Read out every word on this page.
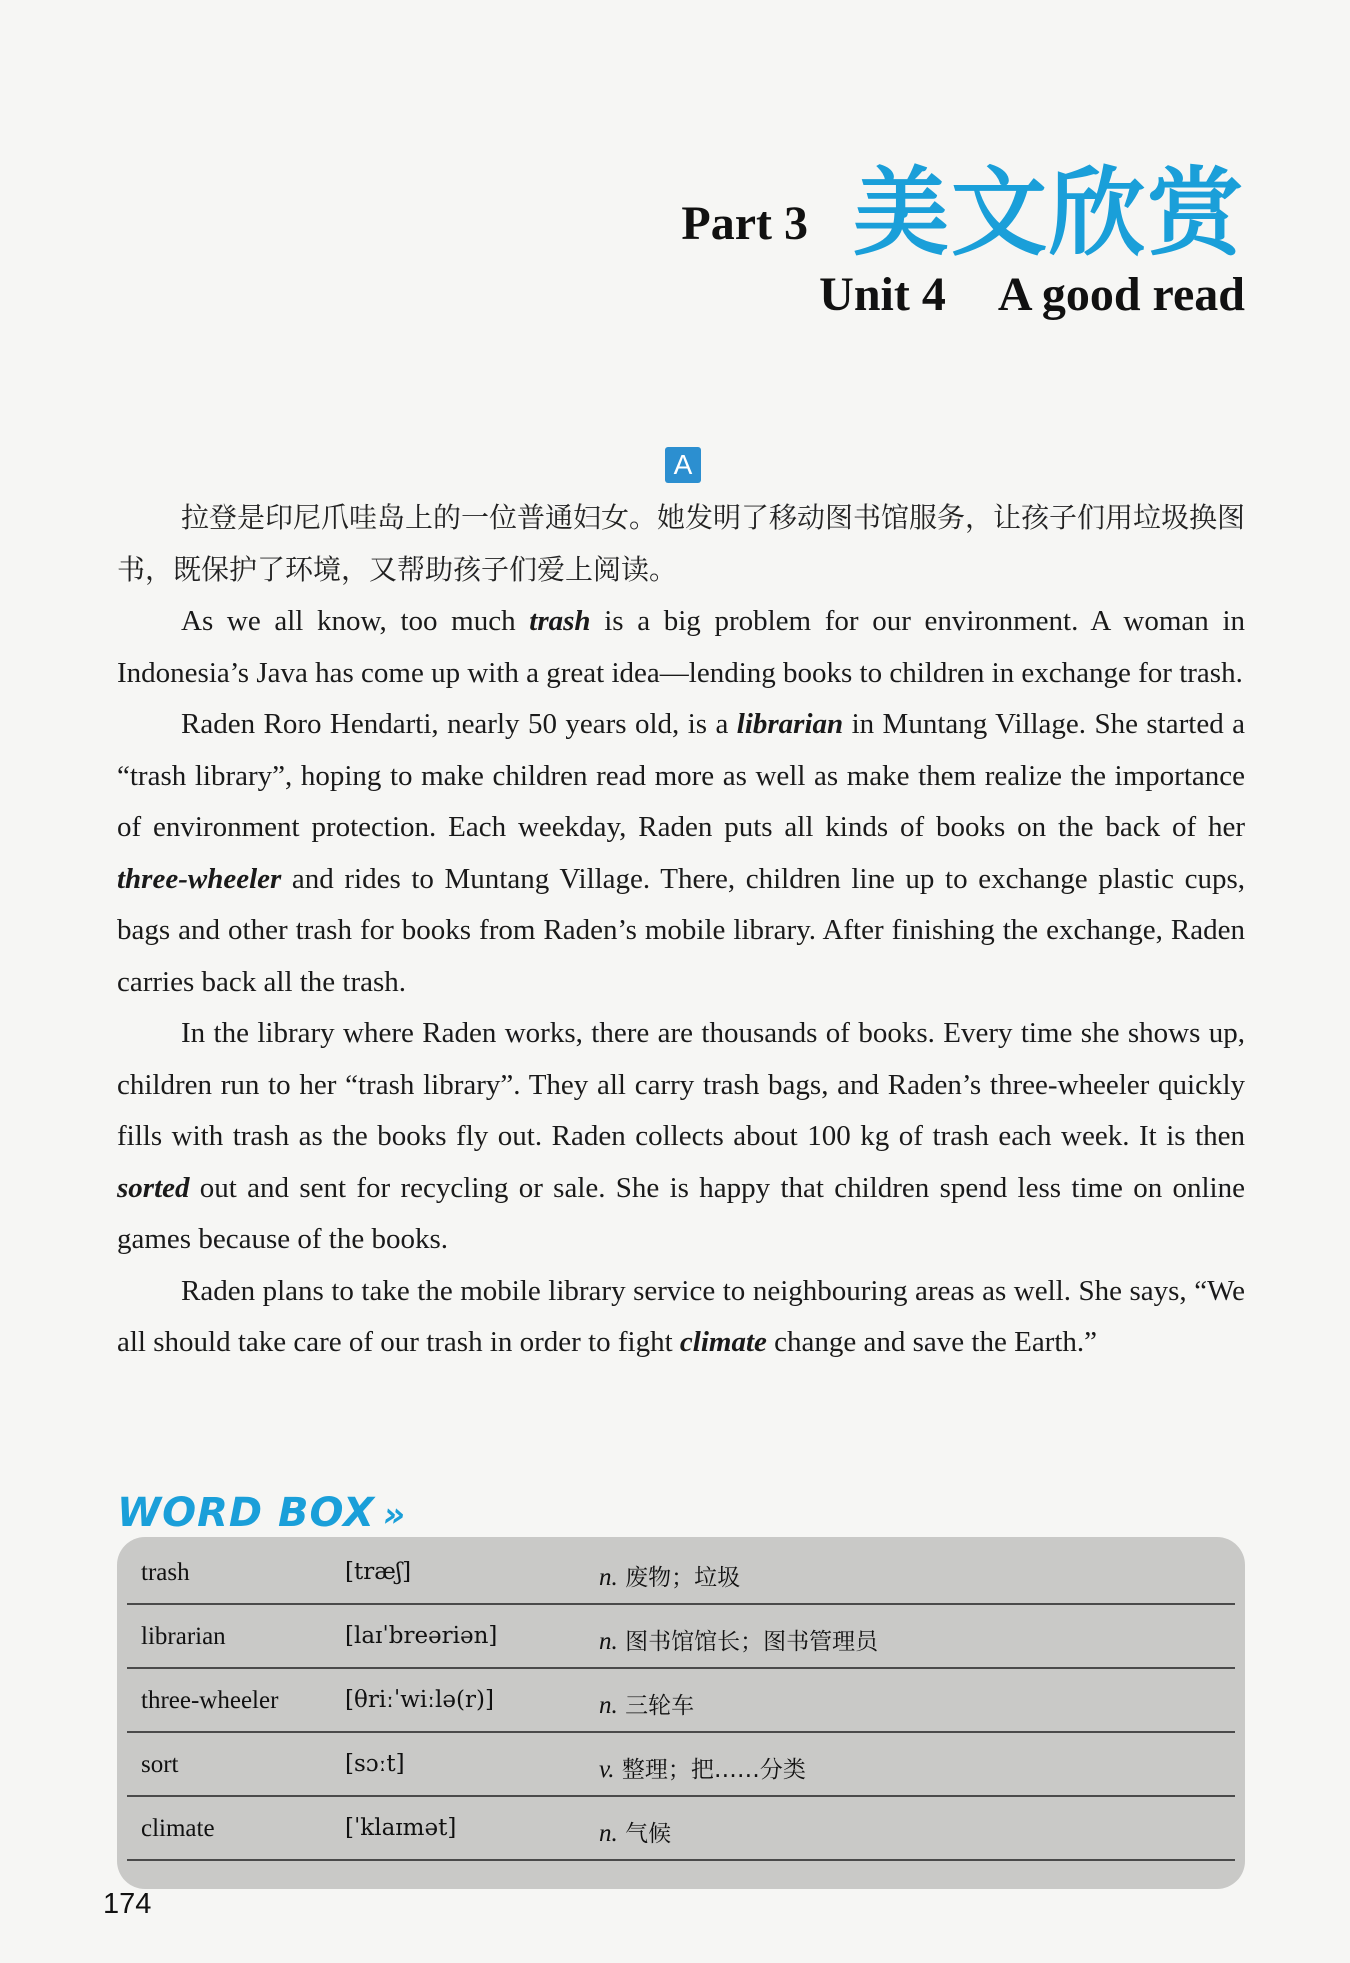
Part 3 美文欣赏
Unit 4 A good read
A

拉登是印尼爪哇岛上的一位普通妇女。她发明了移动图书馆服务，让孩子们用垃圾换图书，既保护了环境，又帮助孩子们爱上阅读。

As we all know, too much trash is a big problem for our environment. A woman in Indonesia’s Java has come up with a great idea—lending books to children in exchange for trash.

Raden Roro Hendarti, nearly 50 years old, is a librarian in Muntang Village. She started a “trash library”, hoping to make children read more as well as make them realize the importance of environment protection. Each weekday, Raden puts all kinds of books on the back of her three-wheeler and rides to Muntang Village. There, children line up to exchange plastic cups, bags and other trash for books from Raden’s mobile library. After finishing the exchange, Raden carries back all the trash.

In the library where Raden works, there are thousands of books. Every time she shows up, children run to her “trash library”. They all carry trash bags, and Raden’s three-wheeler quickly fills with trash as the books fly out. Raden collects about 100 kg of trash each week. It is then sorted out and sent for recycling or sale. She is happy that children spend less time on online games because of the books.

Raden plans to take the mobile library service to neighbouring areas as well. She says, “We all should take care of our trash in order to fight climate change and save the Earth.”

WORD BOX »
trash	[træʃ]	n. 废物；垃圾
librarian	[laɪˈbreəriən]	n. 图书馆馆长；图书管理员
three-wheeler	[θriːˈwiːlə(r)]	n. 三轮车
sort	[sɔːt]	v. 整理；把……分类
climate	[ˈklaɪmət]	n. 气候
174
